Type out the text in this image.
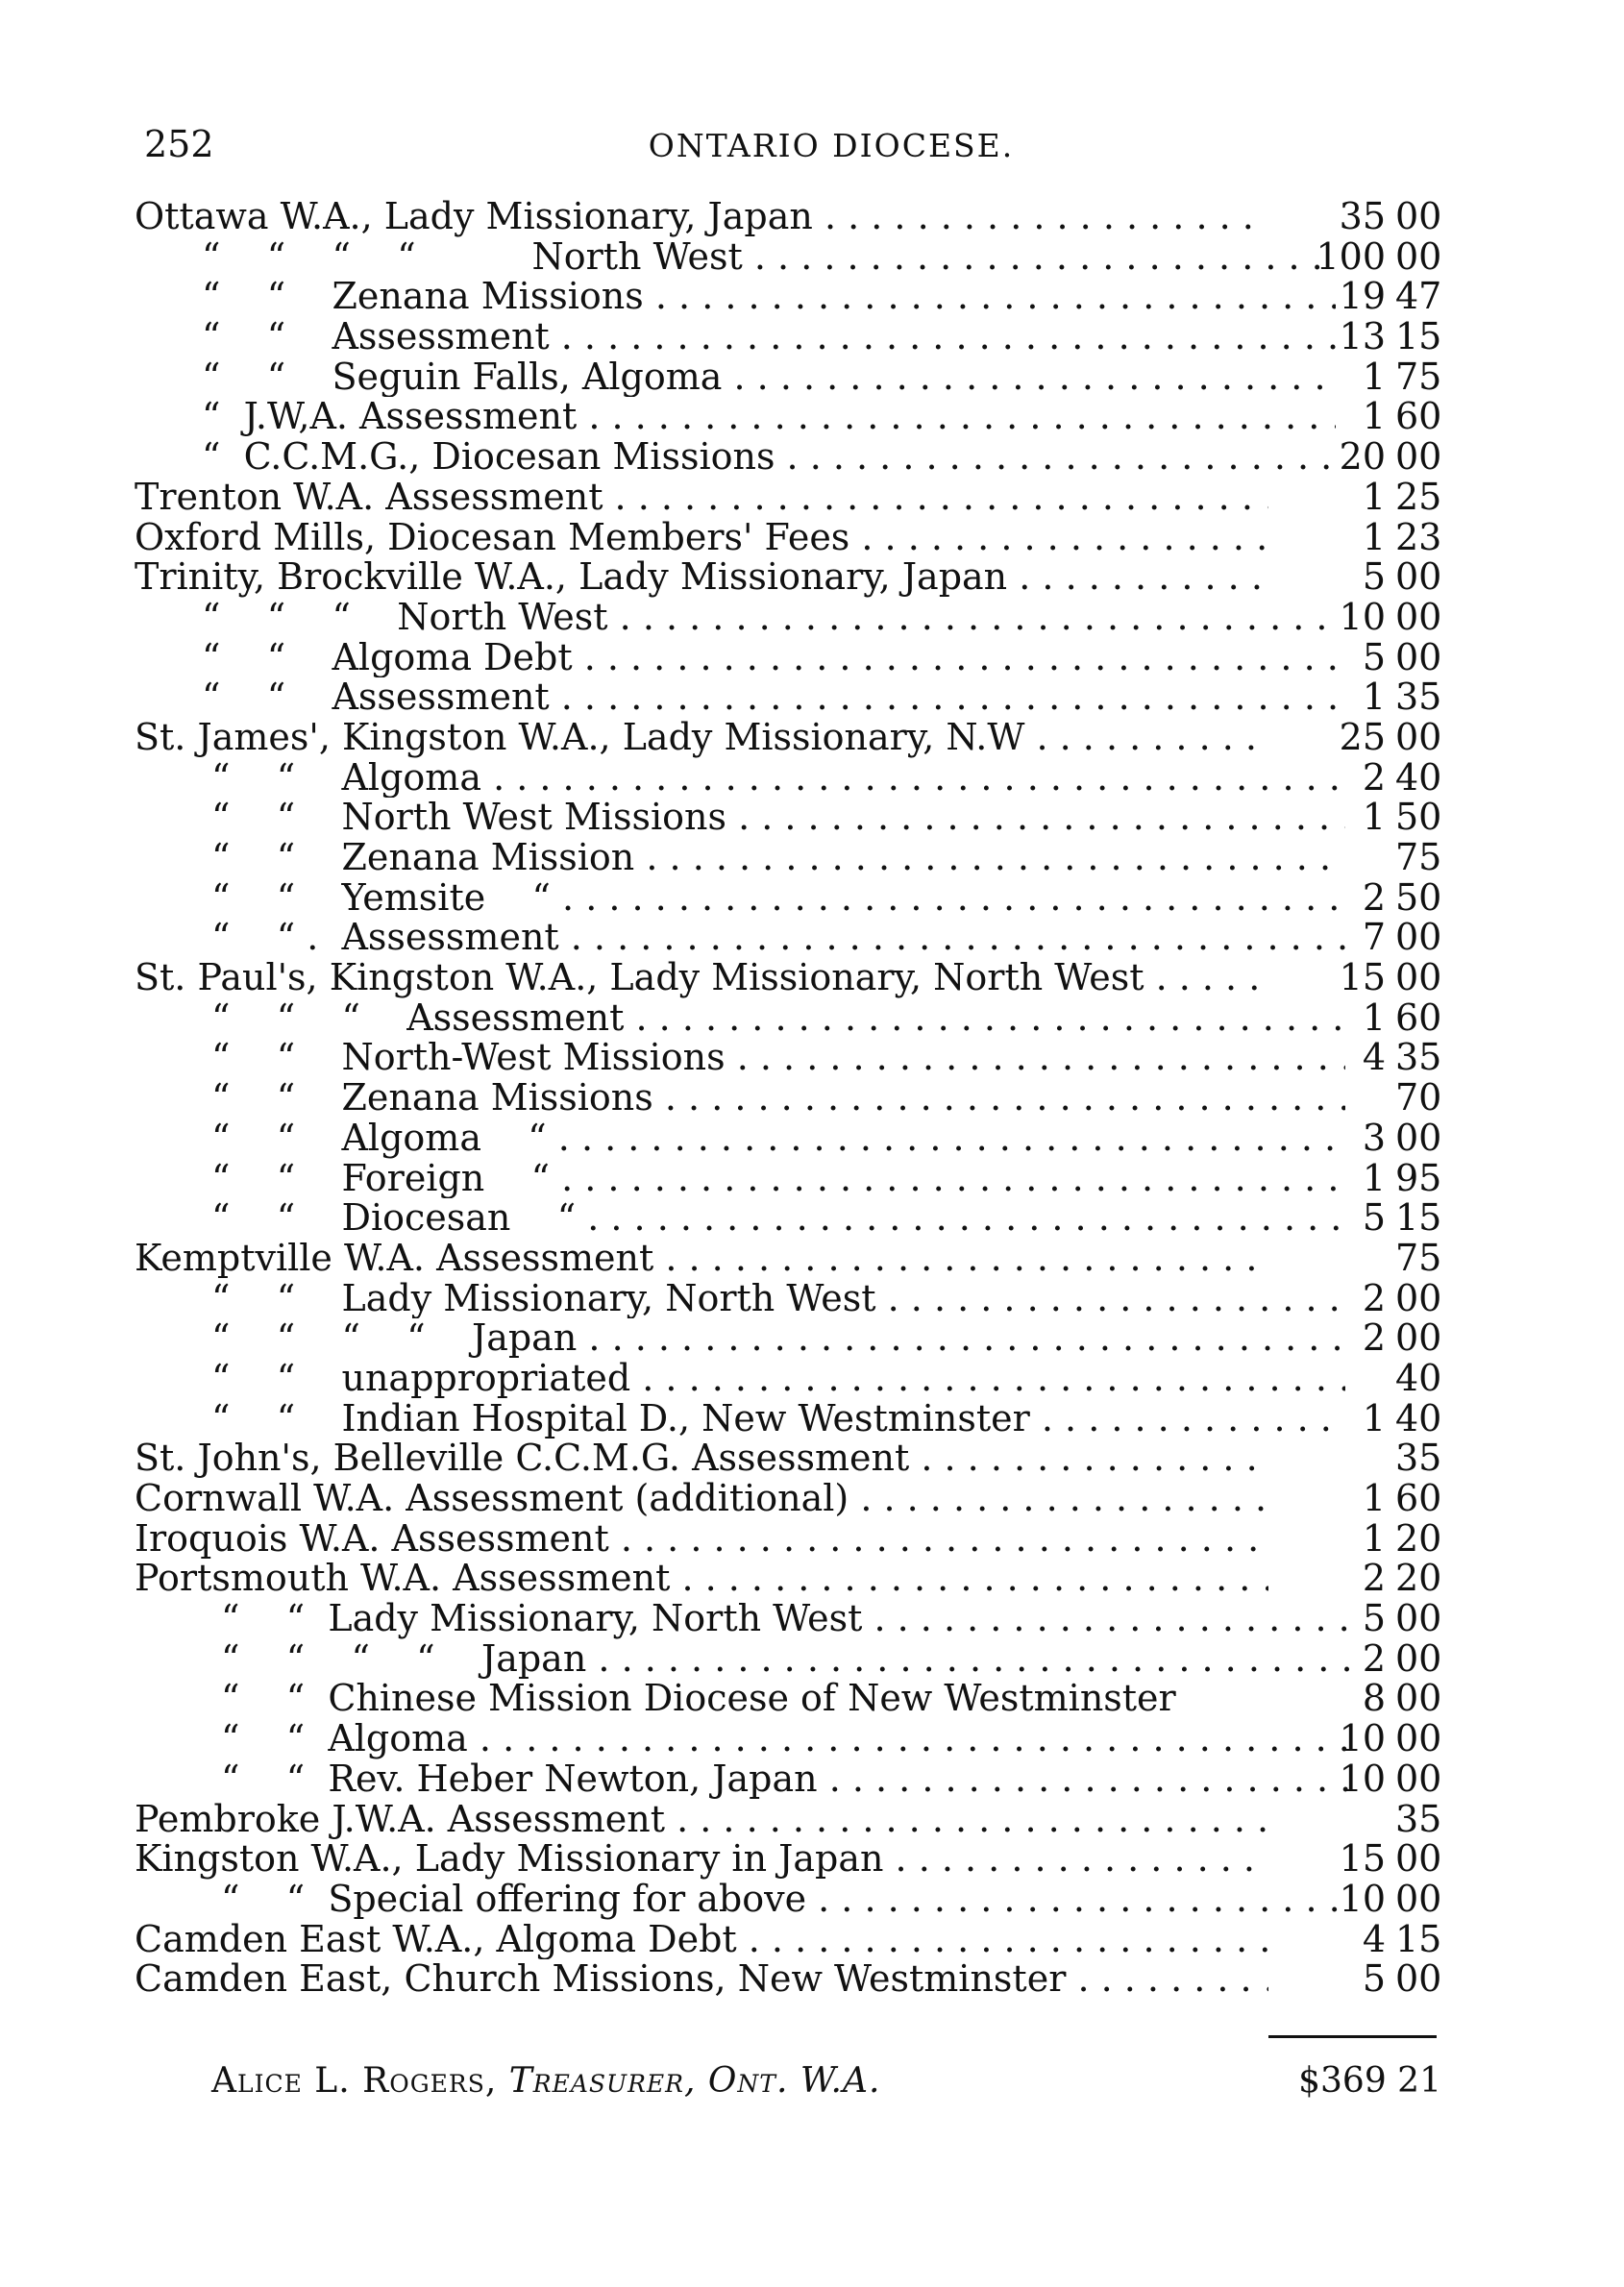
252	ONTARIO DIOCESE.
Ottawa W.A., Lady Missionary, Japan . . .	35 00
“    “    “    “          North West . . .	100 00
“    “    Zenana Missions . . .	19 47
“    “    Assessment . . .	13 15
“    “    Seguin Falls, Algoma . . .	1 75
“  J.W,A. Assessment . . .	1 60
“  C.C.M.G., Diocesan Missions . . .	20 00
Trenton W.A. Assessment . . .	1 25
Oxford Mills, Diocesan Members' Fees . . .	1 23
Trinity, Brockville W.A., Lady Missionary, Japan . . .	5 00
“    “    “    North West . . .	10 00
“    “    Algoma Debt . . .	5 00
“    “    Assessment . . .	1 35
St. James', Kingston W.A., Lady Missionary, N.W . . .	25 00
“    “    Algoma . . .	2 40
“    “    North West Missions . . .	1 50
“    “    Zenana Mission . . .	75
“    “    Yemsite    “ . . .	2 50
“    “ .  Assessment . . .	7 00
St. Paul's, Kingston W.A., Lady Missionary, North West . . .	15 00
“    “    “    Assessment . . .	1 60
“    “    North-West Missions . . .	4 35
“    “    Zenana Missions . . .	70
“    “    Algoma    “ . . .	3 00
“    “    Foreign    “ . . .	1 95
“    “    Diocesan    “ . . .	5 15
Kemptville W.A. Assessment . . .	75
“    “    Lady Missionary, North West . . .	2 00
“    “    “    “    Japan . . .	2 00
“    “    unappropriated . . .	40
“    “    Indian Hospital D., New Westminster . . .	1 40
St. John's, Belleville C.C.M.G. Assessment . . .	35
Cornwall W.A. Assessment (additional) . . .	1 60
Iroquois W.A. Assessment . . .	1 20
Portsmouth W.A. Assessment . . .	2 20
“    “  Lady Missionary, North West . . .	5 00
“    “    “    “    Japan . . .	2 00
“    “  Chinese Mission Diocese of New Westminster	8 00
“    “  Algoma . . .	10 00
“    “  Rev. Heber Newton, Japan . . .	10 00
Pembroke J.W.A. Assessment . . .	35
Kingston W.A., Lady Missionary in Japan . . .	15 00
“    “  Special offering for above . . .	10 00
Camden East W.A., Algoma Debt . . .	4 15
Camden East, Church Missions, New Westminster . . .	5 00
Alice L. Rogers, Treasurer, Ont. W.A.	$369 21
